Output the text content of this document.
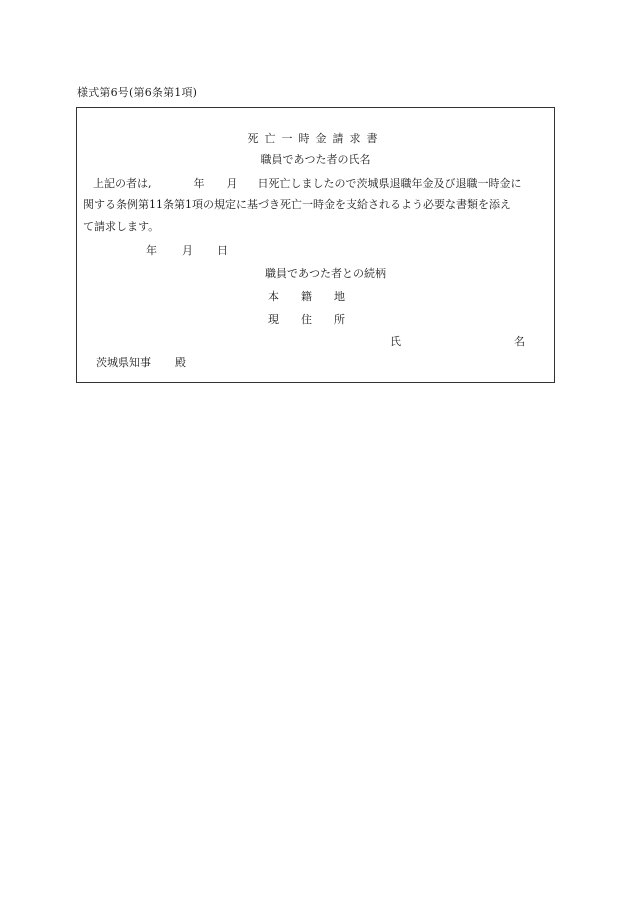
様式第6号(第6条第1項)
死亡一時金請求書
職員であつた者の氏名
上記の者は,	年 月 日死亡しましたので茨城県退職年金及び退職一時金に
関する条例第11条第1項の規定に基づき死亡一時金を支給されるよう必要な書類を添え
て請求します。
年 月 日
職員であつた者との続柄
本 籍 地
現 住 所
氏	名
茨城県知事 殿
